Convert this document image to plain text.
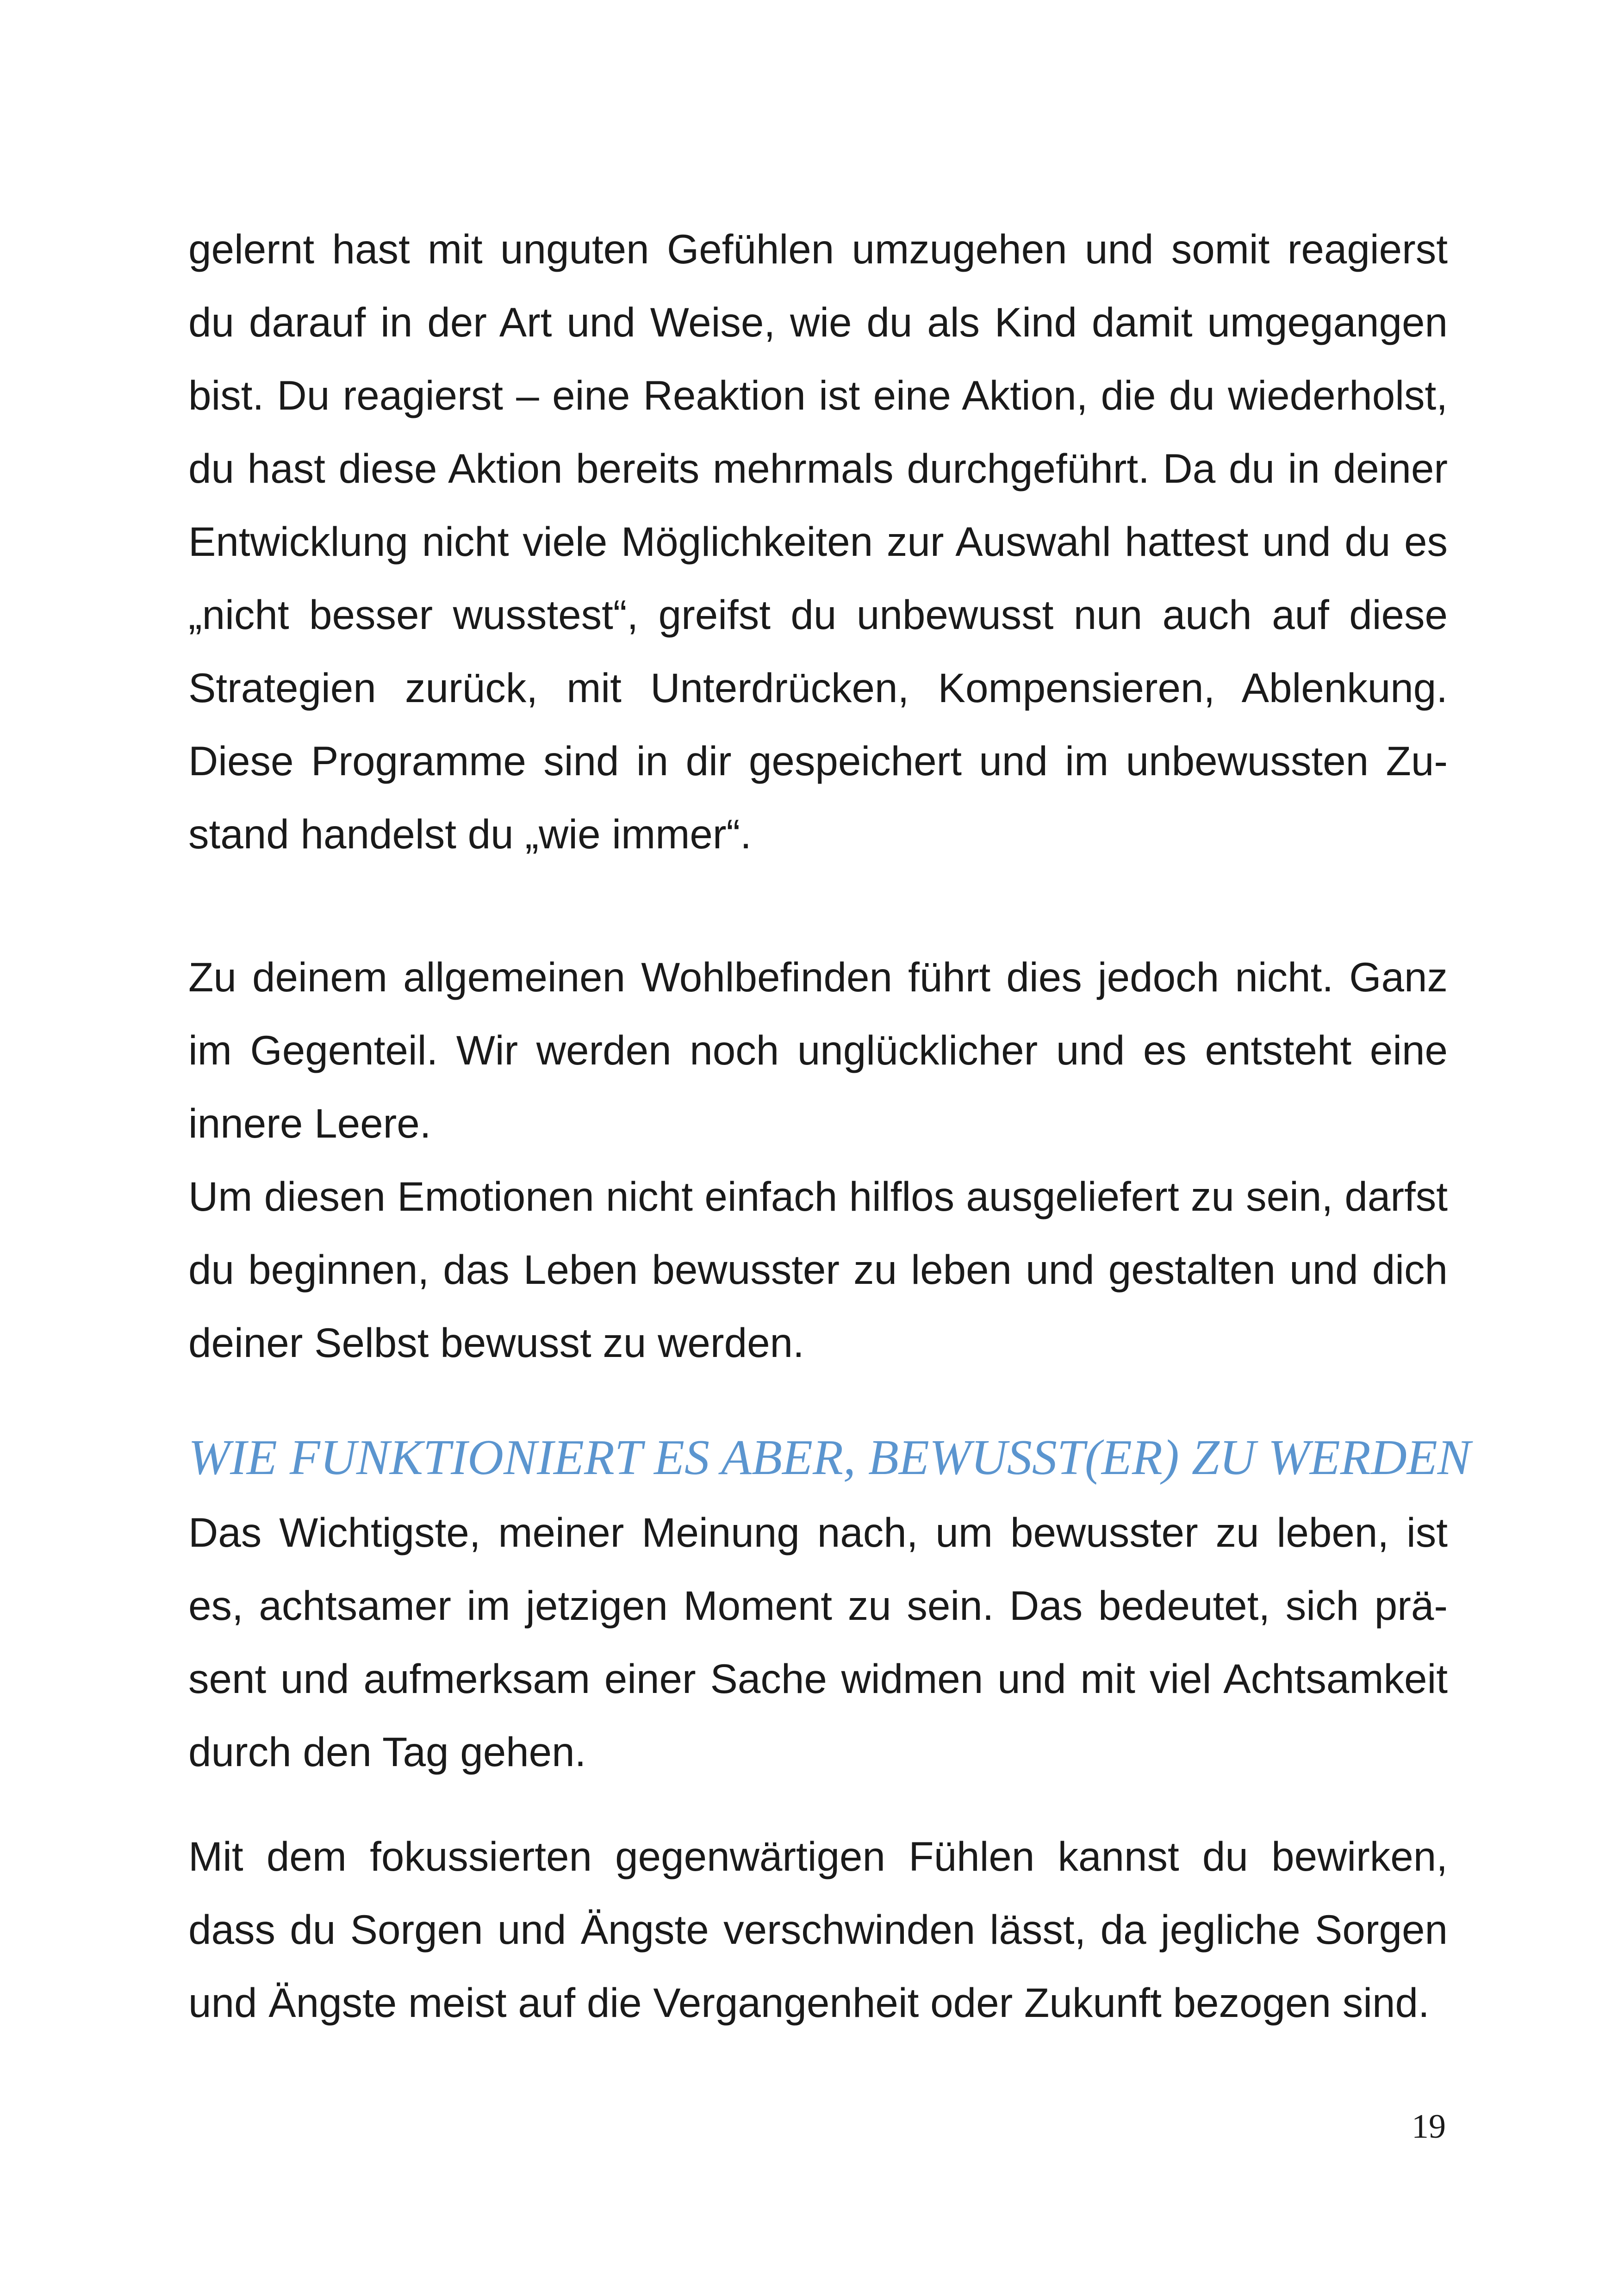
gelernt hast mit unguten Gefühlen umzugehen und somit reagierst du darauf in der Art und Weise, wie du als Kind damit umgegangen bist. Du reagierst – eine Reaktion ist eine Aktion, die du wiederholst, du hast diese Aktion bereits mehrmals durchgeführt. Da du in deiner Entwicklung nicht viele Möglichkeiten zur Auswahl hattest und du es „nicht besser wusstest“, greifst du unbewusst nun auch auf diese Strategien zurück, mit Unterdrücken, Kompensieren, Ablenkung. Diese Programme sind in dir gespeichert und im unbewussten Zustand handelst du „wie immer“.

Zu deinem allgemeinen Wohlbefinden führt dies jedoch nicht. Ganz im Gegenteil. Wir werden noch unglücklicher und es entsteht eine innere Leere.

Um diesen Emotionen nicht einfach hilflos ausgeliefert zu sein, darfst du beginnen, das Leben bewusster zu leben und gestalten und dich deiner Selbst bewusst zu werden.

WIE FUNKTIONIERT ES ABER, BEWUSST(ER) ZU WERDEN

Das Wichtigste, meiner Meinung nach, um bewusster zu leben, ist es, achtsamer im jetzigen Moment zu sein. Das bedeutet, sich präsent und aufmerksam einer Sache widmen und mit viel Achtsamkeit durch den Tag gehen.

Mit dem fokussierten gegenwärtigen Fühlen kannst du bewirken, dass du Sorgen und Ängste verschwinden lässt, da jegliche Sorgen und Ängste meist auf die Vergangenheit oder Zukunft bezogen sind.

19
